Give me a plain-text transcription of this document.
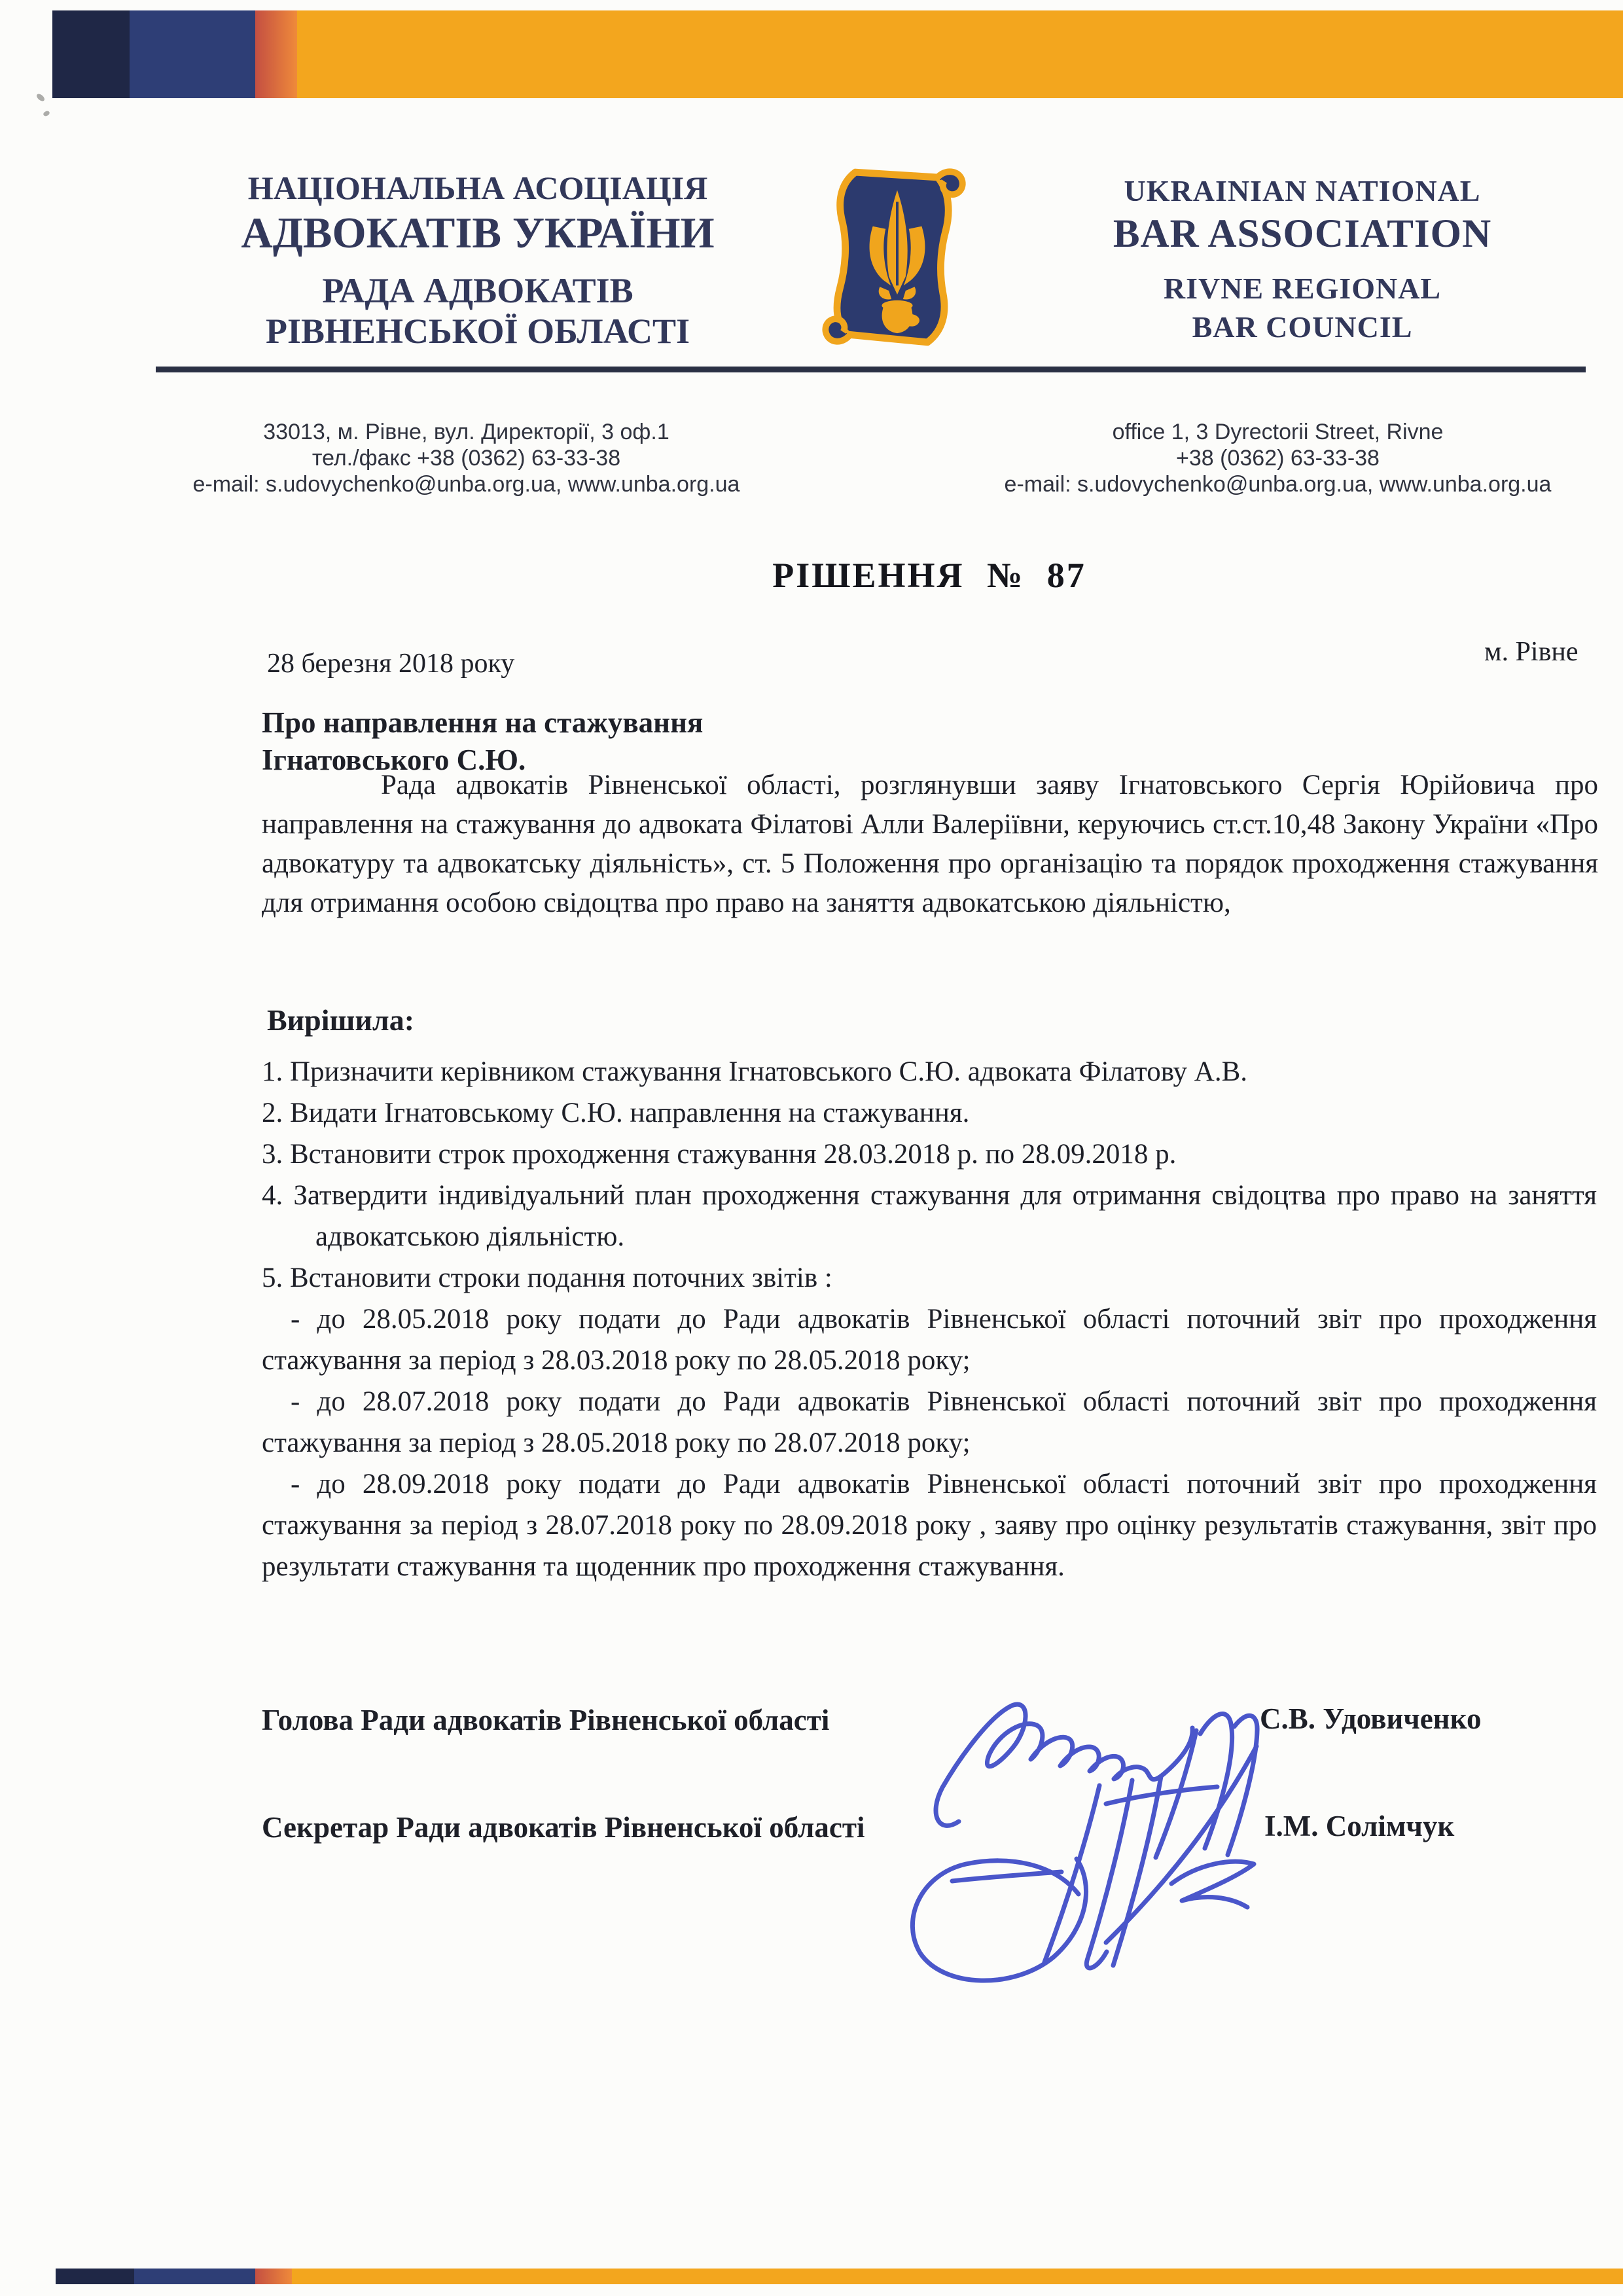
НАЦІОНАЛЬНА АСОЦІАЦІЯ
АДВОКАТІВ УКРАЇНИ
РАДА АДВОКАТІВ
РІВНЕНСЬКОЇ ОБЛАСТІ
UKRAINIAN NATIONAL
BAR ASSOCIATION
RIVNE REGIONAL
BAR COUNCIL
33013, м. Рівне, вул. Директорії, 3 оф.1
тел./факс +38 (0362) 63-33-38
e-mail: s.udovychenko@unba.org.ua, www.unba.org.ua
office 1, 3 Dyrectorii Street, Rivne
+38 (0362) 63-33-38
e-mail: s.udovychenko@unba.org.ua, www.unba.org.ua
РІШЕННЯ № 87
28 березня 2018 року	м. Рівне
Про направлення на стажування
Ігнатовського С.Ю.
Рада адвокатів Рівненської області, розглянувши заяву Ігнатовського Сергія Юрійовича про направлення на стажування до адвоката Філатові Алли Валеріївни, керуючись ст.ст.10,48 Закону України «Про адвокатуру та адвокатську діяльність», ст. 5 Положення про організацію та порядок проходження стажування для отримання особою свідоцтва про право на заняття адвокатською діяльністю,
Вирішила:
1. Призначити керівником стажування Ігнатовського С.Ю. адвоката Філатову А.В.
2. Видати Ігнатовському С.Ю. направлення на стажування.
3. Встановити строк проходження стажування 28.03.2018 р. по 28.09.2018 р.
4. Затвердити індивідуальний план проходження стажування для отримання свідоцтва про право на заняття адвокатською діяльністю.
5. Встановити строки подання поточних звітів :
- до 28.05.2018 року подати до Ради адвокатів Рівненської області поточний звіт про проходження стажування за період з 28.03.2018 року по 28.05.2018 року;
- до 28.07.2018 року подати до Ради адвокатів Рівненської області поточний звіт про проходження стажування за період з 28.05.2018 року по 28.07.2018 року;
- до 28.09.2018 року подати до Ради адвокатів Рівненської області поточний звіт про проходження стажування за період з 28.07.2018 року по 28.09.2018 року , заяву про оцінку результатів стажування, звіт про результати стажування та щоденник про проходження стажування.
Голова Ради адвокатів Рівненської області	С.В. Удовиченко
Секретар Ради адвокатів Рівненської області	І.М. Солімчук
